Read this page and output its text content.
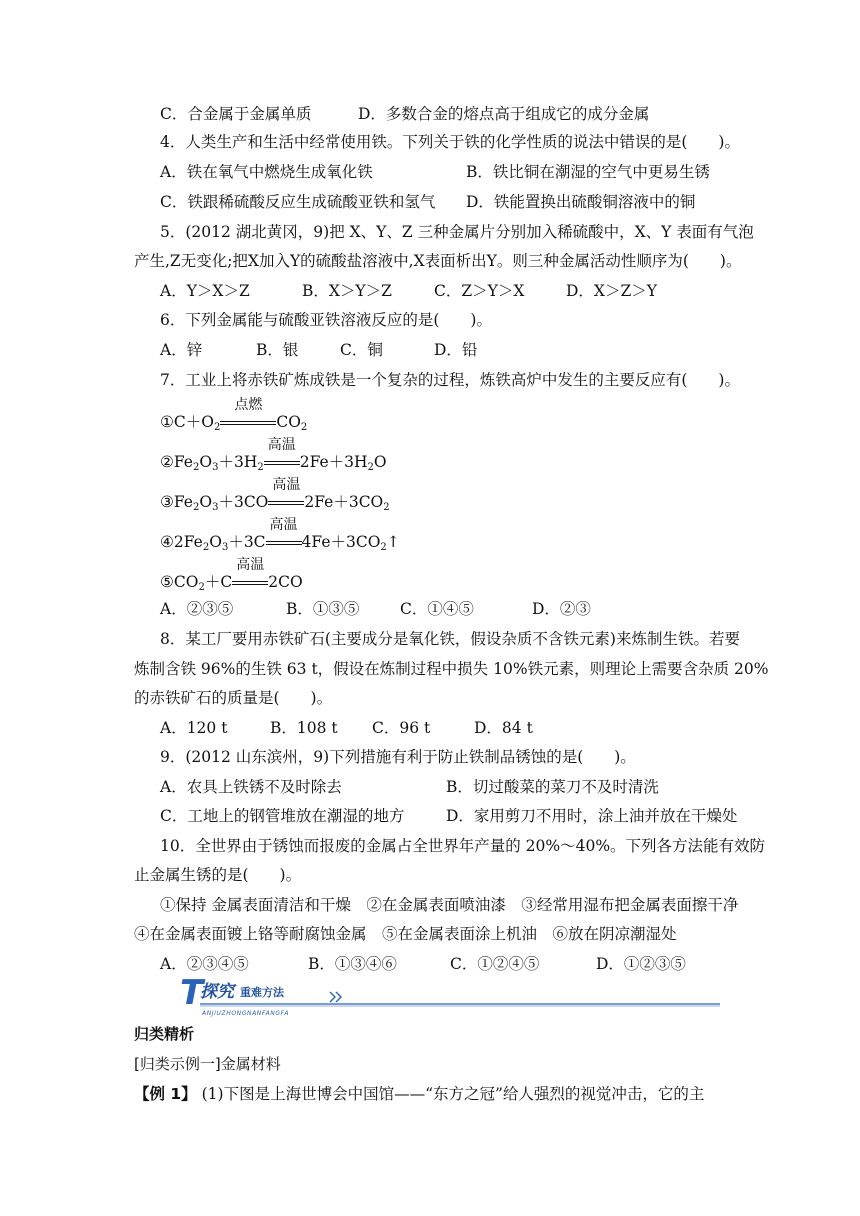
C．合金属于金属单质	D．多数合金的熔点高于组成它的成分金属
4．人类生产和生活中经常使用铁。下列关于铁的化学性质的说法中错误的是(　　)。
A．铁在氧气中燃烧生成氧化铁	B．铁比铜在潮湿的空气中更易生锈
C．铁跟稀硫酸反应生成硫酸亚铁和氢气 D．铁能置换出硫酸铜溶液中的铜
5．(2012 湖北黄冈，9)把 X、Y、Z 三种金属片分别加入稀硫酸中，X、Y 表面有气泡
产生,Z无变化;把X加入Y的硫酸盐溶液中,X表面析出Y。则三种金属活动性顺序为(　　)。
A．Y＞X＞Z	B．X＞Y＞Z	C．Z＞Y＞X	D．X＞Z＞Y
6．下列金属能与硫酸亚铁溶液反应的是(　　)。
A．锌	B．银	C．铜	D．铅
7．工业上将赤铁矿炼成铁是一个复杂的过程，炼铁高炉中发生的主要反应有(　　)。
$①C+O_2$
点燃
$CO_2$
$②Fe_2O_3+3H_2$
高温
$2Fe+3H_2O$
$③Fe_2O_3+3CO$
高温
$2Fe+3CO_2$
$④2Fe_2O_3+3C$
高温
$4Fe+3CO_2↑$
$⑤CO_2+C$
高温
2CO
A．②③⑤	B．①③⑤	C．①④⑤	D．②③
8．某工厂要用赤铁矿石(主要成分是氧化铁，假设杂质不含铁元素)来炼制生铁。若要
炼制含铁 96%的生铁 63 t，假设在炼制过程中损失 10%铁元素，则理论上需要含杂质 20%
的赤铁矿石的质量是(　　)。
A．120 t	B．108 t C．96 t	D．84 t
9．(2012 山东滨州，9)下列措施有利于防止铁制品锈蚀的是(　　)。
A．农具上铁锈不及时除去	B．切过酸菜的菜刀不及时清洗
C．工地上的钢管堆放在潮湿的地方	D．家用剪刀不用时，涂上油并放在干燥处
10．全世界由于锈蚀而报废的金属占全世界年产量的 20%～40%。下列各方法能有效防
止金属生锈的是(　　)。
①保持 金属表面清洁和干燥　②在金属表面喷油漆　③经常用湿布把金属表面擦干净
④在金属表面镀上铬等耐腐蚀金属　⑤在金属表面涂上机油　⑥放在阴凉潮湿处
A．②③④⑤	B．①③④⑥	C．①②④⑤	D．①②③⑤
T
探究 重难方法
ANJIUZHONGNANFANGFA
归类精析
[归类示例一]金属材料
【例 1】 (1)下图是上海世博会中国馆——“东方之冠”给人强烈的视觉冲击，它的主
